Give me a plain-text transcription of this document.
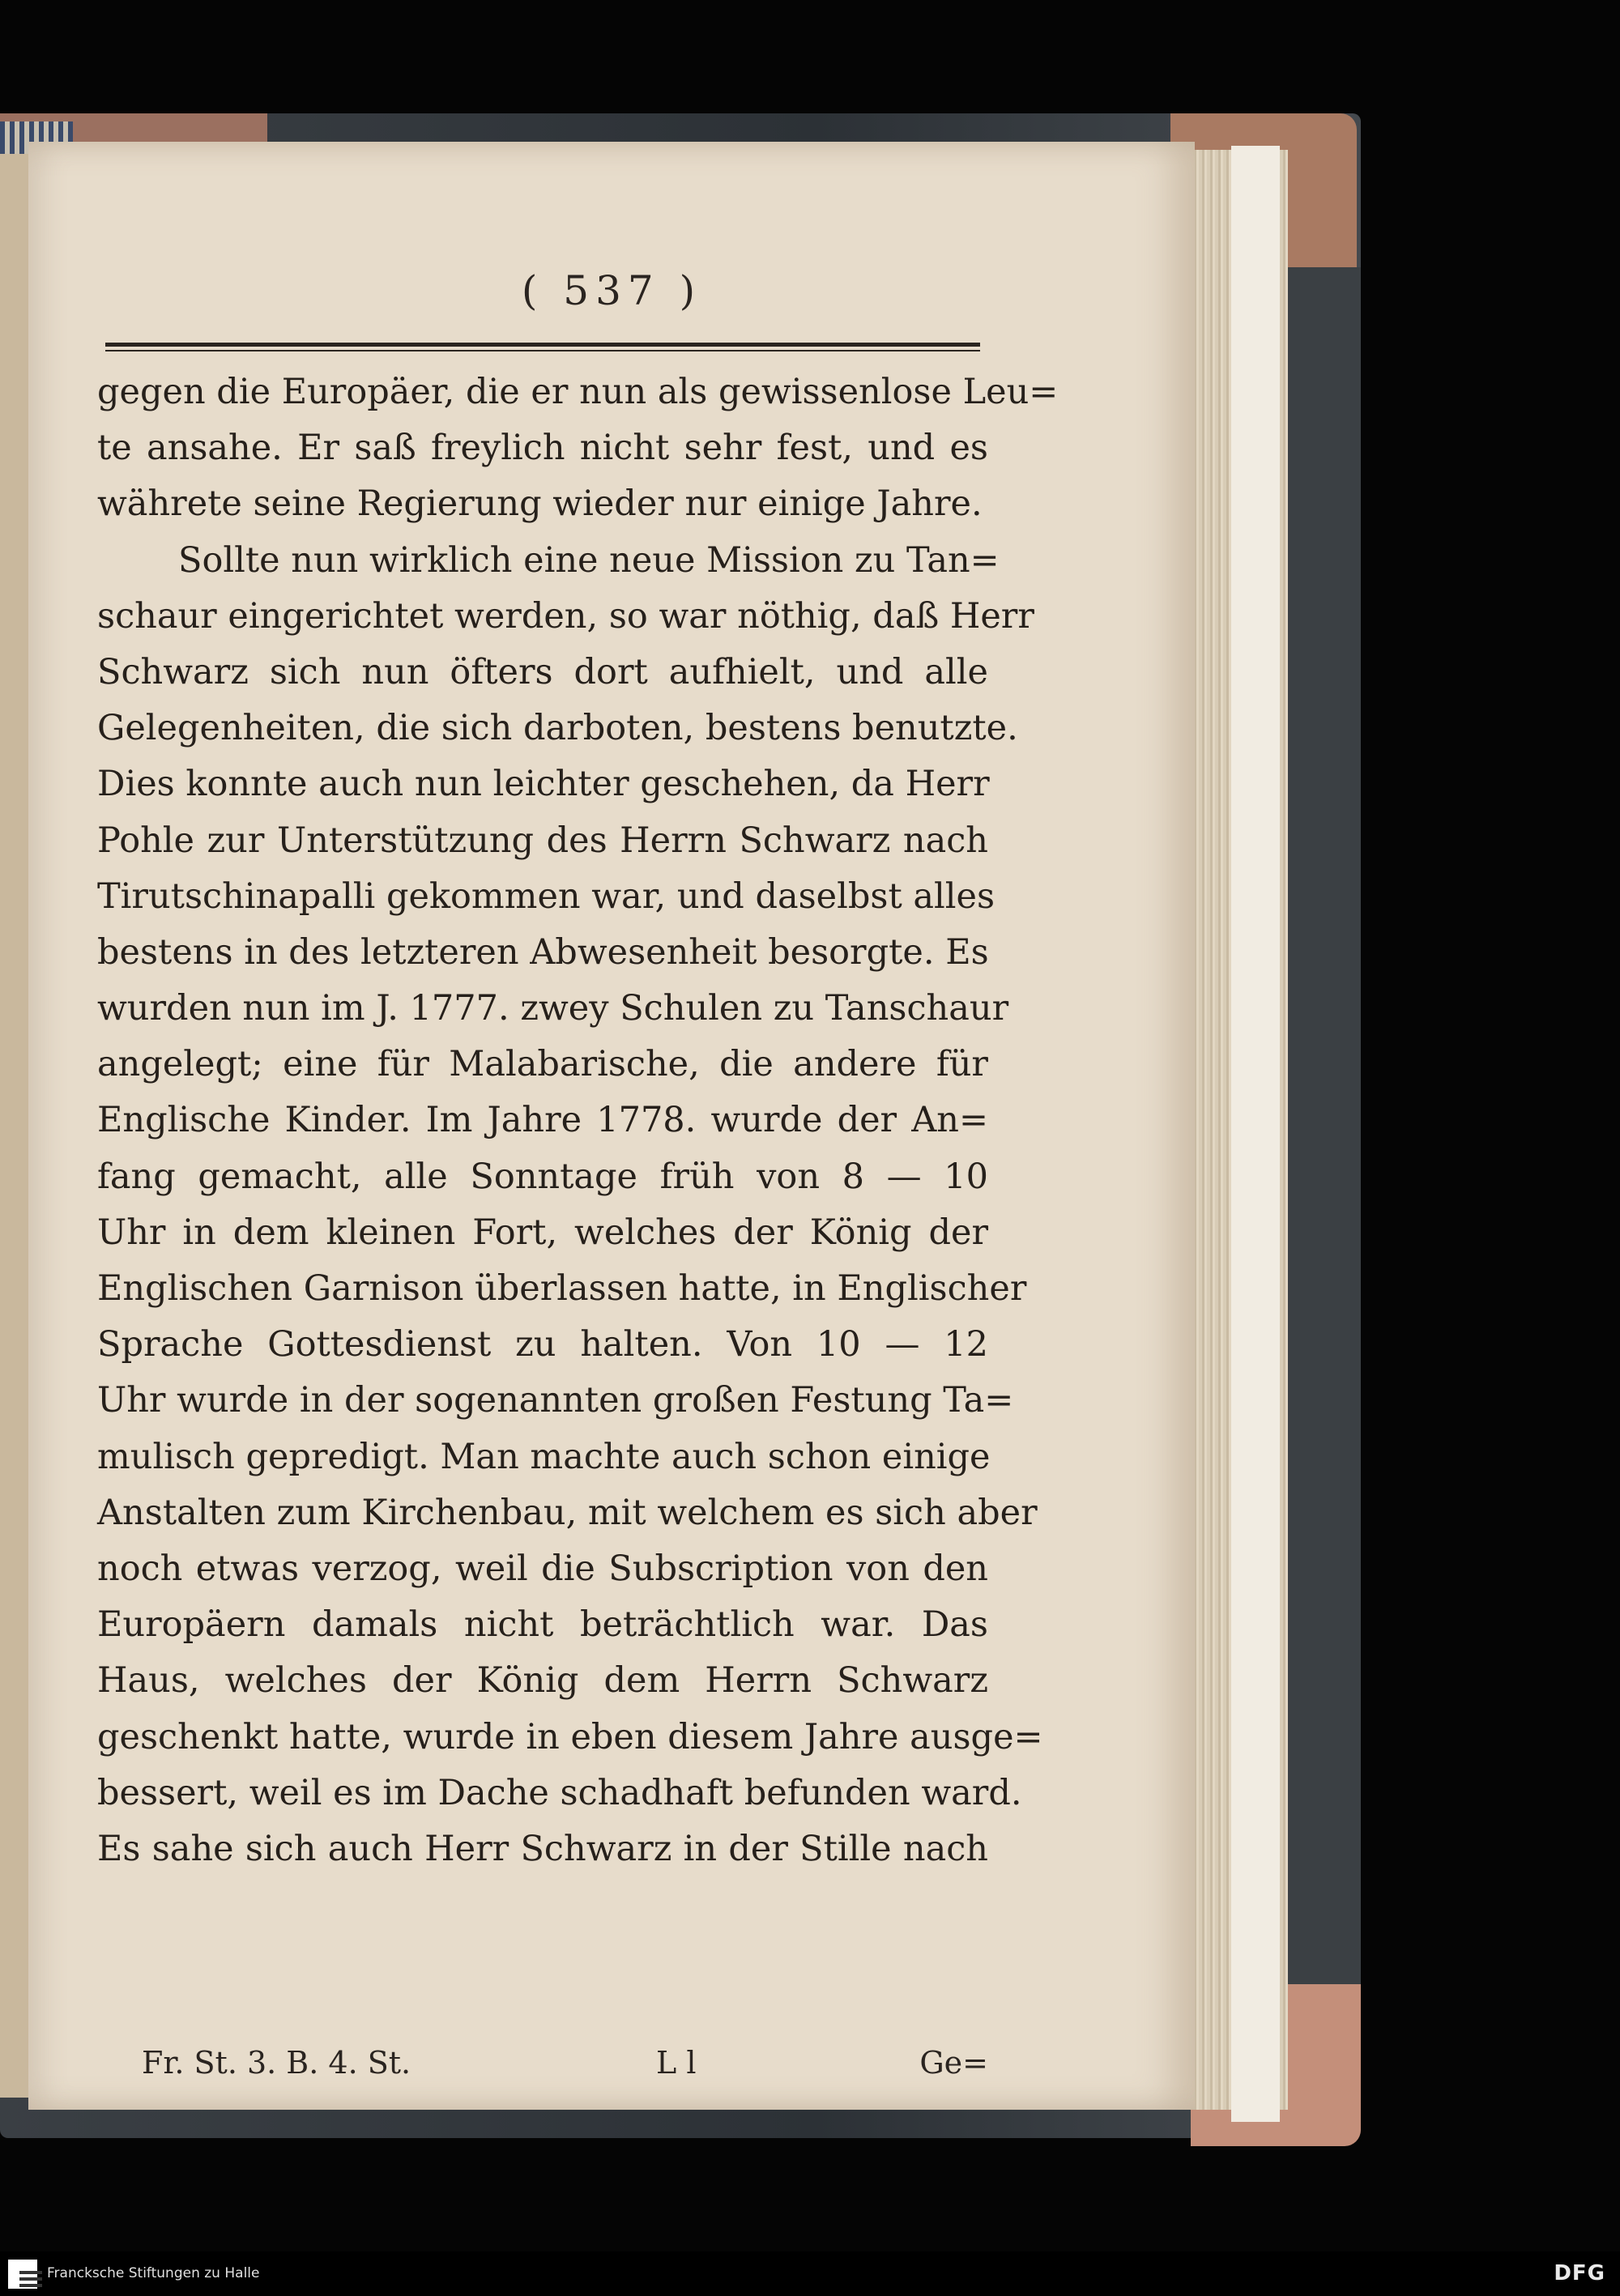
( 537 )
gegen die Europäer, die er nun als gewissenlose Leu=
te ansahe. Er saß freylich nicht sehr fest, und es
währete seine Regierung wieder nur einige Jahre.
Sollte nun wirklich eine neue Mission zu Tan=
schaur eingerichtet werden, so war nöthig, daß Herr
Schwarz sich nun öfters dort aufhielt, und alle
Gelegenheiten, die sich darboten, bestens benutzte.
Dies konnte auch nun leichter geschehen, da Herr
Pohle zur Unterstützung des Herrn Schwarz nach
Tirutschinapalli gekommen war, und daselbst alles
bestens in des letzteren Abwesenheit besorgte. Es
wurden nun im J. 1777. zwey Schulen zu Tanschaur
angelegt; eine für Malabarische, die andere für
Englische Kinder. Im Jahre 1778. wurde der An=
fang gemacht, alle Sonntage früh von 8 — 10
Uhr in dem kleinen Fort, welches der König der
Englischen Garnison überlassen hatte, in Englischer
Sprache Gottesdienst zu halten. Von 10 — 12
Uhr wurde in der sogenannten großen Festung Ta=
mulisch gepredigt. Man machte auch schon einige
Anstalten zum Kirchenbau, mit welchem es sich aber
noch etwas verzog, weil die Subscription von den
Europäern damals nicht beträchtlich war. Das
Haus, welches der König dem Herrn Schwarz
geschenkt hatte, wurde in eben diesem Jahre ausge=
bessert, weil es im Dache schadhaft befunden ward.
Es sahe sich auch Herr Schwarz in der Stille nach
Fr. St. 3. B. 4. St.	L l	Ge=
Francksche Stiftungen zu Halle	DFG
